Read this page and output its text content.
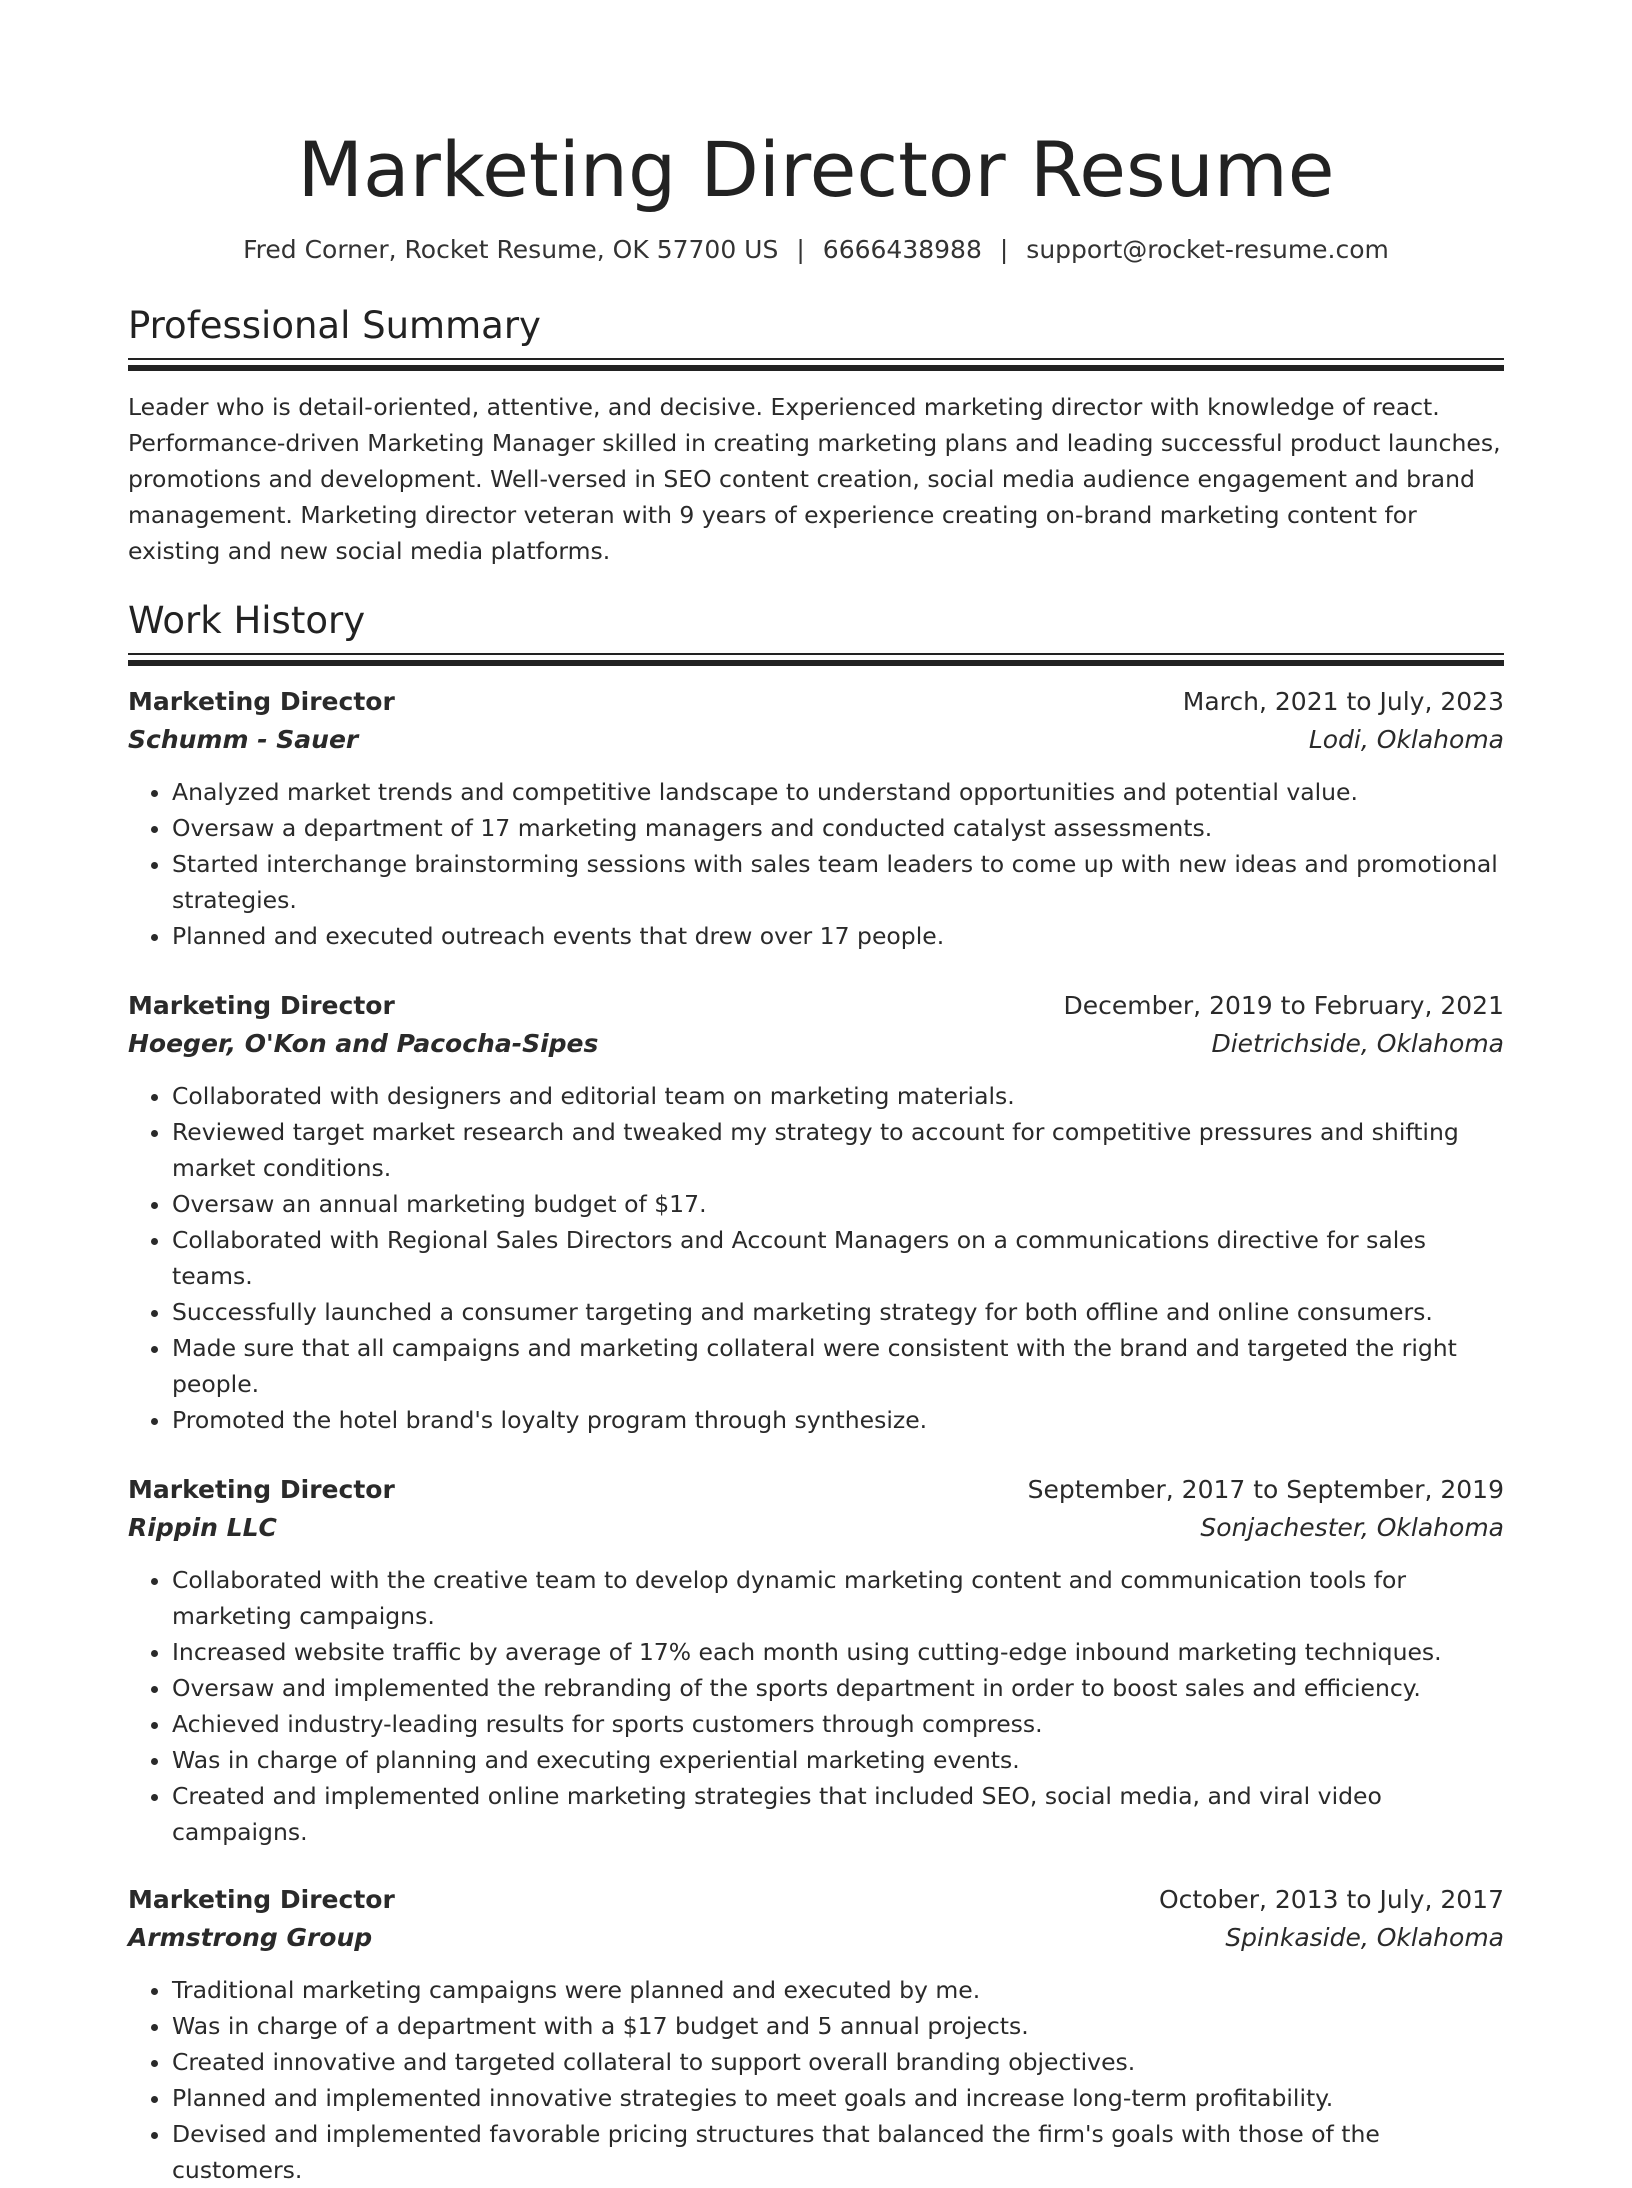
Marketing Director Resume
Fred Corner, Rocket Resume, OK 57700 US | 6666438988 | support@rocket-resume.com
Professional Summary

Leader who is detail-oriented, attentive, and decisive. Experienced marketing director with knowledge of react. Performance-driven Marketing Manager skilled in creating marketing plans and leading successful product launches, promotions and development. Well-versed in SEO content creation, social media audience engagement and brand management. Marketing director veteran with 9 years of experience creating on-brand marketing content for existing and new social media platforms.

Work History
Marketing Director	March, 2021 to July, 2023
Schumm - Sauer	Lodi, Oklahoma
• Analyzed market trends and competitive landscape to understand opportunities and potential value.
• Oversaw a department of 17 marketing managers and conducted catalyst assessments.
• Started interchange brainstorming sessions with sales team leaders to come up with new ideas and promotional strategies.
• Planned and executed outreach events that drew over 17 people.
Marketing Director	December, 2019 to February, 2021
Hoeger, O'Kon and Pacocha-Sipes	Dietrichside, Oklahoma
• Collaborated with designers and editorial team on marketing materials.
• Reviewed target market research and tweaked my strategy to account for competitive pressures and shifting market conditions.
• Oversaw an annual marketing budget of $17.
• Collaborated with Regional Sales Directors and Account Managers on a communications directive for sales teams.
• Successfully launched a consumer targeting and marketing strategy for both offline and online consumers.
• Made sure that all campaigns and marketing collateral were consistent with the brand and targeted the right people.
• Promoted the hotel brand's loyalty program through synthesize.
Marketing Director	September, 2017 to September, 2019
Rippin LLC	Sonjachester, Oklahoma
• Collaborated with the creative team to develop dynamic marketing content and communication tools for marketing campaigns.
• Increased website traffic by average of 17% each month using cutting-edge inbound marketing techniques.
• Oversaw and implemented the rebranding of the sports department in order to boost sales and efficiency.
• Achieved industry-leading results for sports customers through compress.
• Was in charge of planning and executing experiential marketing events.
• Created and implemented online marketing strategies that included SEO, social media, and viral video campaigns.
Marketing Director	October, 2013 to July, 2017
Armstrong Group	Spinkaside, Oklahoma
• Traditional marketing campaigns were planned and executed by me.
• Was in charge of a department with a $17 budget and 5 annual projects.
• Created innovative and targeted collateral to support overall branding objectives.
• Planned and implemented innovative strategies to meet goals and increase long-term profitability.
• Devised and implemented favorable pricing structures that balanced the firm's goals with those of the customers.
